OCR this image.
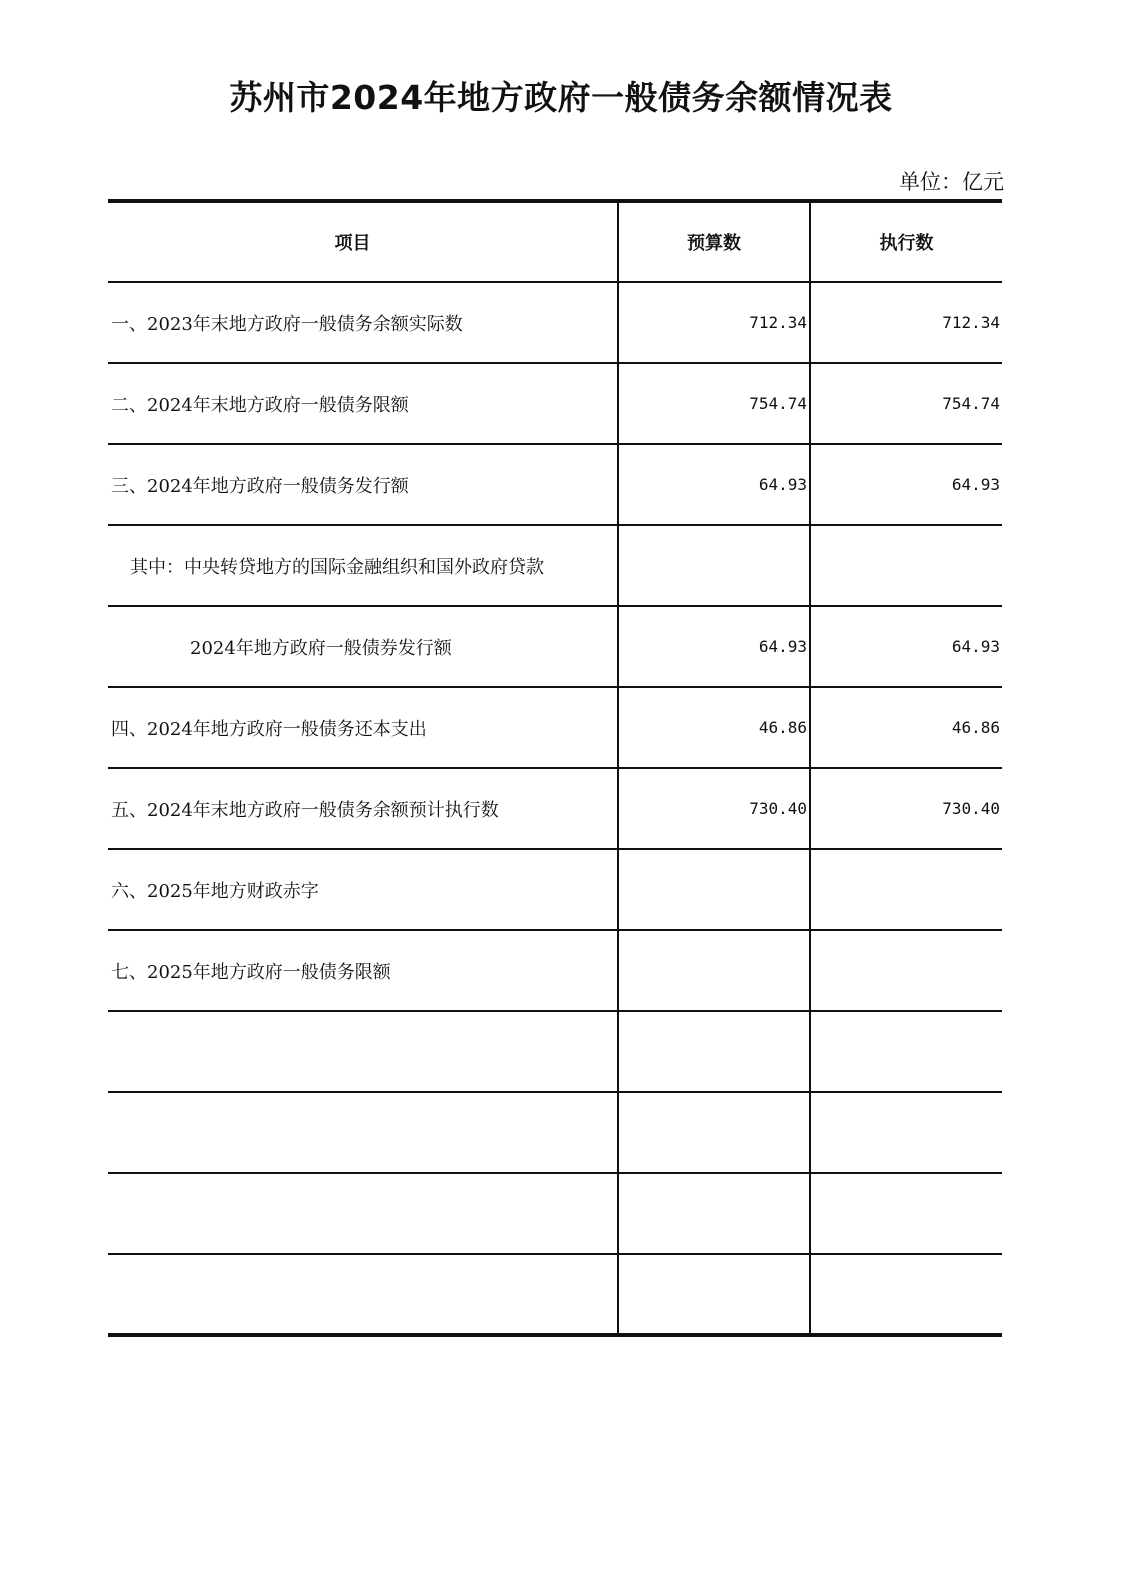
苏州市2024年地方政府一般债务余额情况表
单位：亿元
项目	预算数	执行数
一、2023年末地方政府一般债务余额实际数	712.34	712.34
二、2024年末地方政府一般债务限额	754.74	754.74
三、2024年地方政府一般债务发行额	64.93	64.93
其中：中央转贷地方的国际金融组织和国外政府贷款		
2024年地方政府一般债券发行额	64.93	64.93
四、2024年地方政府一般债务还本支出	46.86	46.86
五、2024年末地方政府一般债务余额预计执行数	730.40	730.40
六、2025年地方财政赤字		
七、2025年地方政府一般债务限额		
